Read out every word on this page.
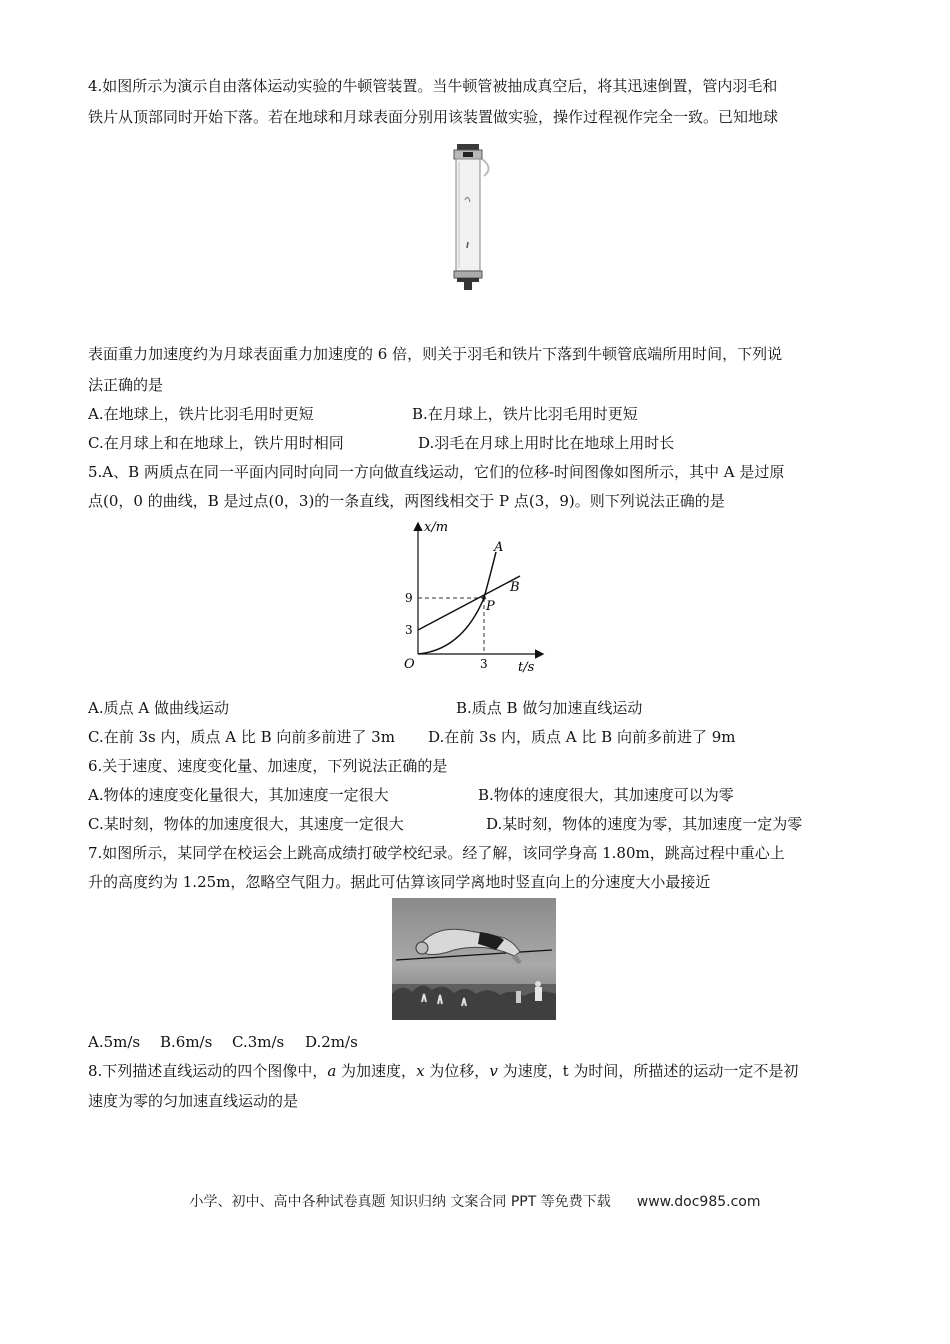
4.如图所示为演示自由落体运动实验的牛顿管装置。当牛顿管被抽成真空后，将其迅速倒置，管内羽毛和
铁片从顶部同时开始下落。若在地球和月球表面分别用该装置做实验，操作过程视作完全一致。已知地球
表面重力加速度约为月球表面重力加速度的 6 倍，则关于羽毛和铁片下落到牛顿管底端所用时间，下列说
法正确的是
A.在地球上，铁片比羽毛用时更短	B.在月球上，铁片比羽毛用时更短
C.在月球上和在地球上，铁片用时相同	D.羽毛在月球上用时比在地球上用时长
5.A、B 两质点在同一平面内同时向同一方向做直线运动，它们的位移-时间图像如图所示，其中 A 是过原
点(0，0 的曲线，B 是过点(0，3)的一条直线，两图线相交于 P 点(3，9)。则下列说法正确的是
x/m
t/s
O
9
3
3
A
B
P
A.质点 A 做曲线运动	B.质点 B 做匀加速直线运动
C.在前 3s 内，质点 A 比 B 向前多前进了 3m D.在前 3s 内，质点 A 比 B 向前多前进了 9m
6.关于速度、速度变化量、加速度，下列说法正确的是
A.物体的速度变化量很大，其加速度一定很大	B.物体的速度很大，其加速度可以为零
C.某时刻，物体的加速度很大，其速度一定很大	D.某时刻，物体的速度为零，其加速度一定为零
7.如图所示，某同学在校运会上跳高成绩打破学校纪录。经了解，该同学身高 1.80m，跳高过程中重心上
升的高度约为 1.25m，忽略空气阻力。据此可估算该同学离地时竖直向上的分速度大小最接近
A.5m/s B.6m/s C.3m/s D.2m/s
8.下列描述直线运动的四个图像中，a 为加速度，x 为位移，v 为速度，t 为时间，所描述的运动一定不是初
速度为零的匀加速直线运动的是
小学、初中、高中各种试卷真题 知识归纳 文案合同 PPT 等免费下载 www.doc985.com
